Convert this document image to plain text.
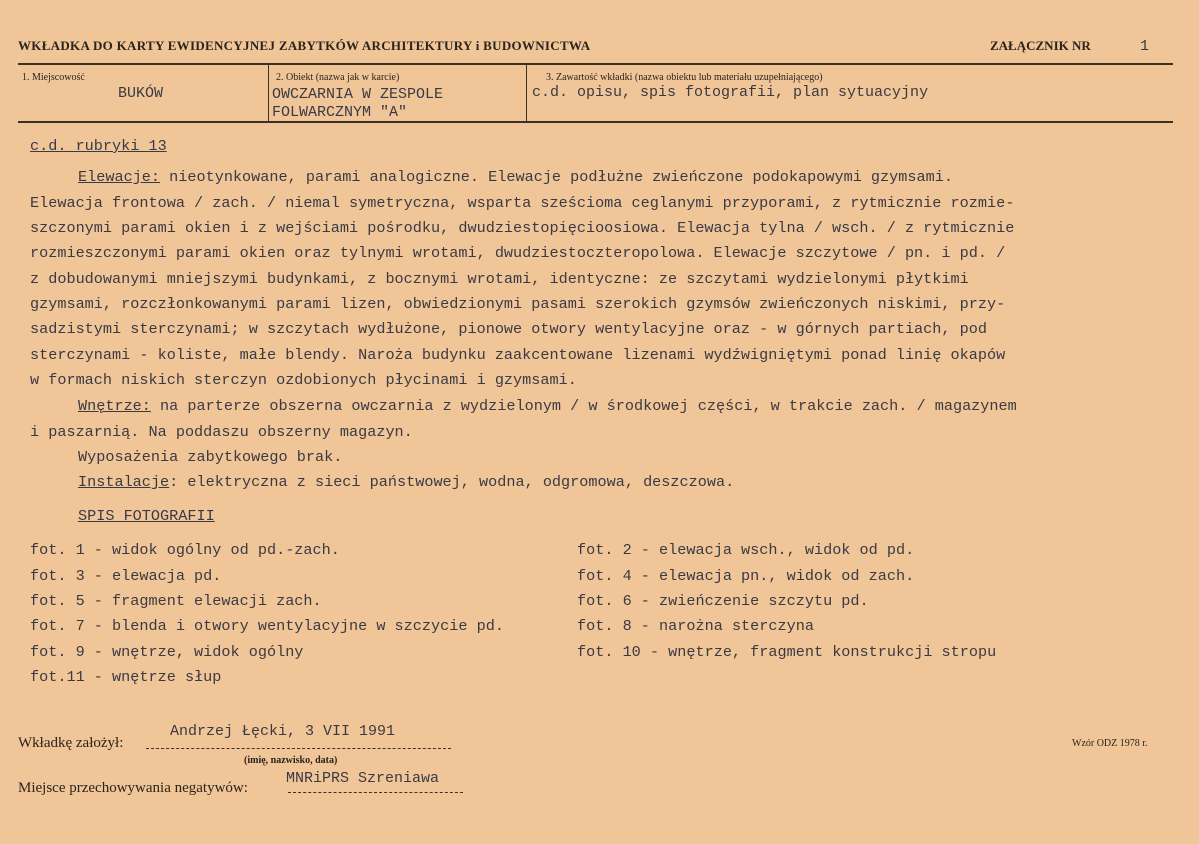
WKŁADKA DO KARTY EWIDENCYJNEJ ZABYTKÓW ARCHITEKTURY i BUDOWNICTWA	ZAŁĄCZNIK NR	1
1. Miejscowość
BUKÓW
2. Obiekt (nazwa jak w karcie)
OWCZARNIA W ZESPOLE
FOLWARCZNYM "A"
3. Zawartość wkładki (nazwa obiektu lub materiału uzupełniającego)
c.d. opisu, spis fotografii, plan sytuacyjny
c.d. rubryki 13
Elewacje: nieotynkowane, parami analogiczne. Elewacje podłużne zwieńczone podokapowymi gzymsami.
Elewacja frontowa / zach. / niemal symetryczna, wsparta sześcioma ceglanymi przyporami, z rytmicznie rozmie-
szczonymi parami okien i z wejściami pośrodku, dwudziestopięcioosiowa. Elewacja tylna / wsch. / z rytmicznie
rozmieszczonymi parami okien oraz tylnymi wrotami, dwudziestoczteropolowa. Elewacje szczytowe / pn. i pd. /
z dobudowanymi mniejszymi budynkami, z bocznymi wrotami, identyczne: ze szczytami wydzielonymi płytkimi
gzymsami, rozczłonkowanymi parami lizen, obwiedzionymi pasami szerokich gzymsów zwieńczonych niskimi, przy-
sadzistymi sterczynami; w szczytach wydłużone, pionowe otwory wentylacyjne oraz - w górnych partiach, pod
sterczynami - koliste, małe blendy. Naroża budynku zaakcentowane lizenami wydźwigniętymi ponad linię okapów
w formach niskich sterczyn ozdobionych płycinami i gzymsami.
Wnętrze: na parterze obszerna owczarnia z wydzielonym / w środkowej części, w trakcie zach. / magazynem
i paszarnią. Na poddaszu obszerny magazyn.
Wyposażenia zabytkowego brak.
Instalacje: elektryczna z sieci państwowej, wodna, odgromowa, deszczowa.
SPIS FOTOGRAFII
fot. 1 - widok ogólny od pd.-zach.
fot. 3 - elewacja pd.
fot. 5 - fragment elewacji zach.
fot. 7 - blenda i otwory wentylacyjne w szczycie pd.
fot. 9 - wnętrze, widok ogólny
fot.11 - wnętrze słup
fot. 2 - elewacja wsch., widok od pd.
fot. 4 - elewacja pn., widok od zach.
fot. 6 - zwieńczenie szczytu pd.
fot. 8 - narożna sterczyna
fot. 10 - wnętrze, fragment konstrukcji stropu
Wkładkę założył:
Andrzej Łęcki, 3 VII 1991
(imię, nazwisko, data)
Miejsce przechowywania negatywów:
MNRiPRS Szreniawa
Wzór ODZ 1978 r.
